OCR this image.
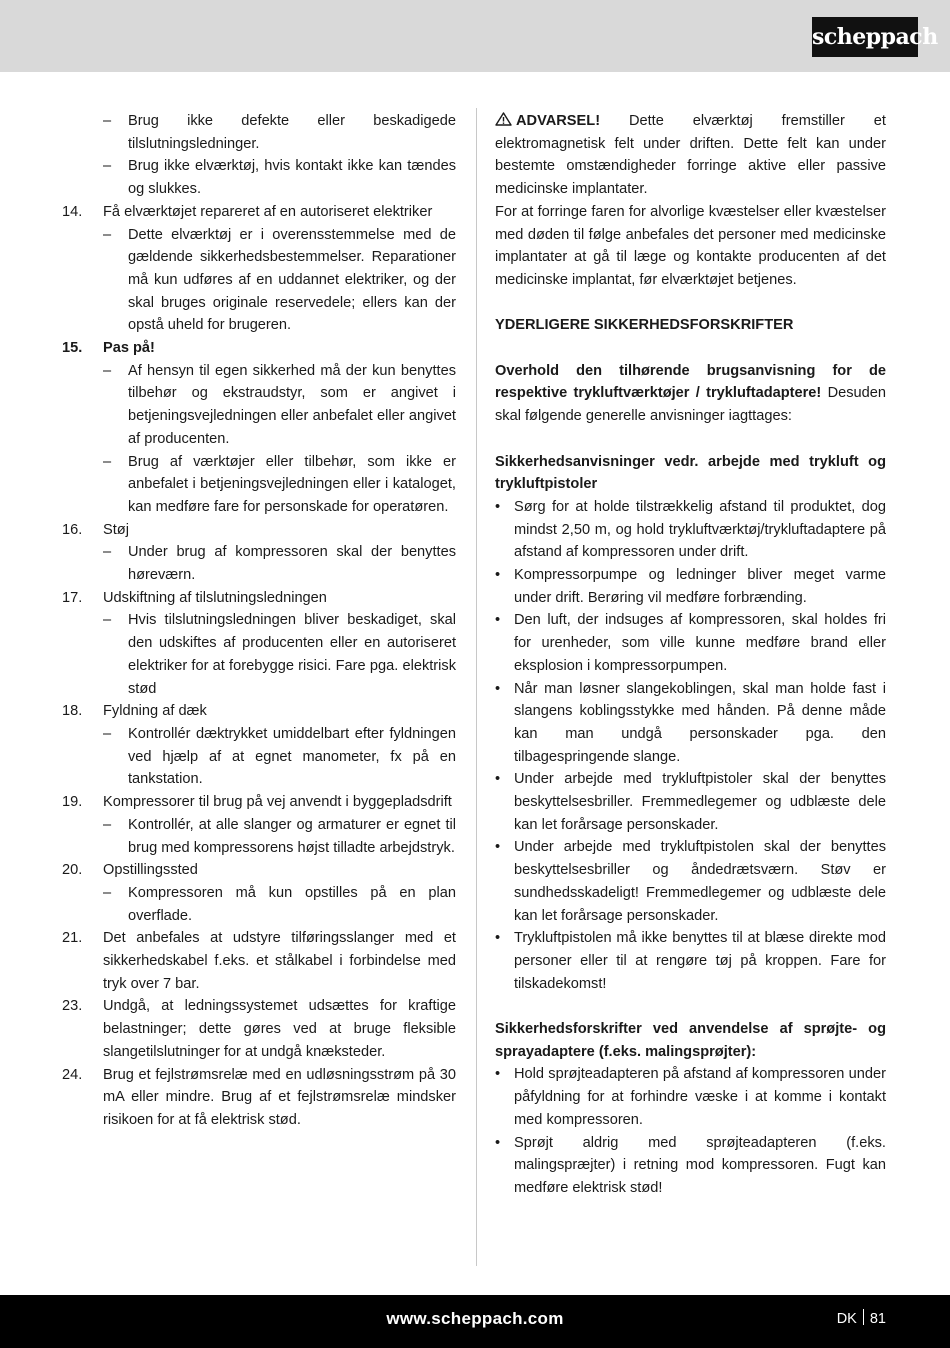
scheppach
–	Brug ikke defekte eller beskadigede tilslutningsledninger.
–	Brug ikke elværktøj, hvis kontakt ikke kan tændes og slukkes.
14.	Få elværktøjet repareret af en autoriseret elektriker
–	Dette elværktøj er i overensstemmelse med de gældende sikkerhedsbestemmelser. Reparationer må kun udføres af en uddannet elektriker, og der skal bruges originale reservedele; ellers kan der opstå uheld for brugeren.
15.	Pas på!
–	Af hensyn til egen sikkerhed må der kun benyttes tilbehør og ekstraudstyr, som er angivet i betjeningsvejledningen eller anbefalet eller angivet af producenten.
–	Brug af værktøjer eller tilbehør, som ikke er anbefalet i betjeningsvejledningen eller i kataloget, kan medføre fare for personskade for operatøren.
16.	Støj
–	Under brug af kompressoren skal der benyttes høreværn.
17.	Udskiftning af tilslutningsledningen
–	Hvis tilslutningsledningen bliver beskadiget, skal den udskiftes af producenten eller en autoriseret elektriker for at forebygge risici. Fare pga. elektrisk stød
18.	Fyldning af dæk
–	Kontrollér dæktrykket umiddelbart efter fyldningen ved hjælp af at egnet manometer, fx på en tankstation.
19.	Kompressorer til brug på vej anvendt i byggepladsdrift
–	Kontrollér, at alle slanger og armaturer er egnet til brug med kompressorens højst tilladte arbejdstryk.
20.	Opstillingssted
–	Kompressoren må kun opstilles på en plan overflade.
21.	Det anbefales at udstyre tilføringsslanger med et sikkerhedskabel f.eks. et stålkabel i forbindelse med tryk over 7 bar.
23.	Undgå, at ledningssystemet udsættes for kraftige belastninger; dette gøres ved at bruge fleksible slangetilslutninger for at undgå knæksteder.
24.	Brug et fejlstrømsrelæ med en udløsningsstrøm på 30 mA eller mindre. Brug af et fejlstrømsrelæ mindsker risikoen for at få elektrisk stød.
ADVARSEL! Dette elværktøj fremstiller et elektromagnetisk felt under driften. Dette felt kan under bestemte omstændigheder forringe aktive eller passive medicinske implantater.
For at forringe faren for alvorlige kvæstelser eller kvæstelser med døden til følge anbefales det personer med medicinske implantater at gå til læge og kontakte producenten af det medicinske implantat, før elværktøjet betjenes.
YDERLIGERE SIKKERHEDSFORSKRIFTER
Overhold den tilhørende brugsanvisning for de respektive trykluftværktøjer / trykluftadaptere! Desuden skal følgende generelle anvisninger iagttages:
Sikkerhedsanvisninger vedr. arbejde med trykluft og trykluftpistoler
• Sørg for at holde tilstrækkelig afstand til produktet, dog mindst 2,50 m, og hold trykluftværktøj/trykluftadaptere på afstand af kompressoren under drift.
• Kompressorpumpe og ledninger bliver meget varme under drift. Berøring vil medføre forbrænding.
• Den luft, der indsuges af kompressoren, skal holdes fri for urenheder, som ville kunne medføre brand eller eksplosion i kompressorpumpen.
• Når man løsner slangekoblingen, skal man holde fast i slangens koblingsstykke med hånden. På denne måde kan man undgå personskader pga. den tilbagespringende slange.
• Under arbejde med trykluftpistoler skal der benyttes beskyttelsesbriller. Fremmedlegemer og udblæste dele kan let forårsage personskader.
• Under arbejde med trykluftpistolen skal der benyttes beskyttelsesbriller og åndedrætsværn. Støv er sundhedsskadeligt! Fremmedlegemer og udblæste dele kan let forårsage personskader.
• Trykluftpistolen må ikke benyttes til at blæse direkte mod personer eller til at rengøre tøj på kroppen. Fare for tilskadekomst!
Sikkerhedsforskrifter ved anvendelse af sprøjte- og sprayadaptere (f.eks. malingsprøjter):
• Hold sprøjteadapteren på afstand af kompressoren under påfyldning for at forhindre væske i at komme i kontakt med kompressoren.
• Sprøjt aldrig med sprøjteadapteren (f.eks. malingspræjter) i retning mod kompressoren. Fugt kan medføre elektrisk stød!
www.scheppach.com	DK 81
